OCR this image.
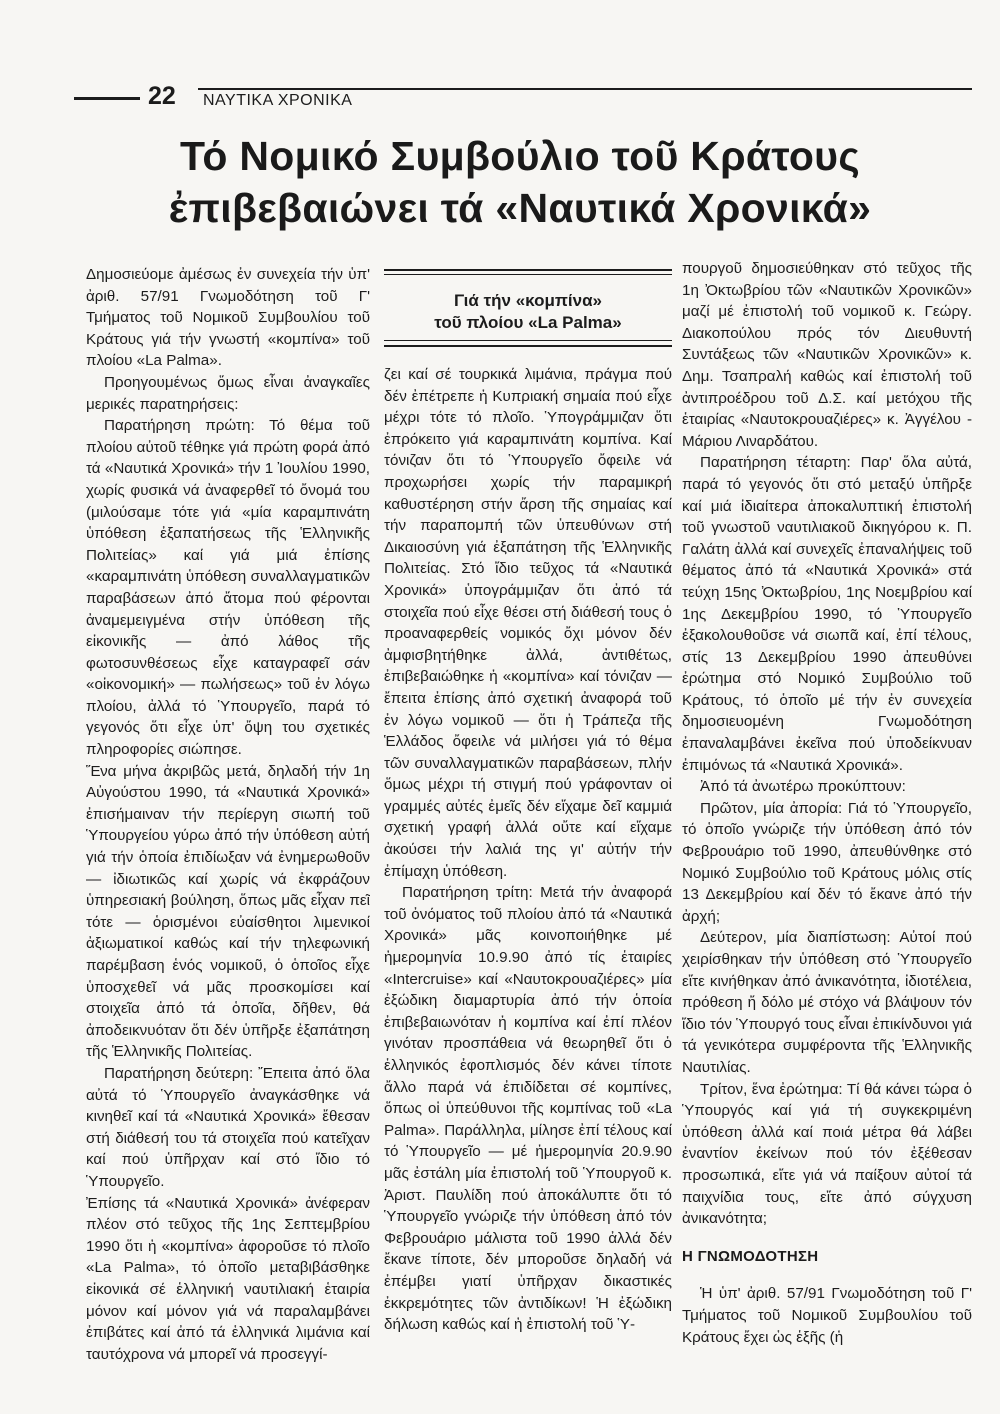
22 ΝΑΥΤΙΚΑ ΧΡΟΝΙΚΑ
Τό Νομικό Συμβούλιο τοῦ Κράτους
ἐπιβεβαιώνει τά «Ναυτικά Χρονικά»

Δημοσιεύομε ἀμέσως ἐν συνεχεία τήν ὑπ' ἀριθ. 57/91 Γνωμοδότηση τοῦ Γ' Τμήματος τοῦ Νομικοῦ Συμβουλίου τοῦ Κράτους γιά τήν γνωστή «κομπίνα» τοῦ πλοίου «La Palma».

Προηγουμένως ὅμως εἶναι ἀναγκαῖες μερικές παρατηρήσεις:

Παρατήρηση πρώτη: Τό θέμα τοῦ πλοίου αὐτοῦ τέθηκε γιά πρώτη φορά ἀπό τά «Ναυτικά Χρονικά» τήν 1 Ἰουλίου 1990, χωρίς φυσικά νά ἀναφερθεῖ τό ὄνομά του (μιλούσαμε τότε γιά «μία καραμπινάτη ὑπόθεση ἐξαπατήσεως τῆς Ἑλληνικῆς Πολιτείας» καί γιά μιά ἐπίσης «καραμπινάτη ὑπόθεση συναλλαγματικῶν παραβάσεων ἀπό ἄτομα πού φέρονται ἀναμεμειγμένα στήν ὑπόθεση τῆς εἰκονικῆς — ἀπό λάθος τῆς φωτοσυνθέσεως εἶχε καταγραφεῖ σάν «οἰκονομική» — πωλήσεως» τοῦ ἐν λόγω πλοίου, ἀλλά τό Ὑπουργεῖο, παρά τό γεγονός ὅτι εἶχε ὑπ' ὄψη του σχετικές πληροφορίες σιώπησε.

Ἕνα μήνα ἀκριβῶς μετά, δηλαδή τήν 1η Αὐγούστου 1990, τά «Ναυτικά Χρονικά» ἐπισήμαιναν τήν περίεργη σιωπή τοῦ Ὑπουργείου γύρω ἀπό τήν ὑπόθεση αὐτή γιά τήν ὁποία ἐπιδίωξαν νά ἐνημερωθοῦν — ἰδιωτικῶς καί χωρίς νά ἐκφράζουν ὑπηρεσιακή βούληση, ὅπως μᾶς εἶχαν πεῖ τότε — ὁρισμένοι εὐαίσθητοι λιμενικοί ἀξιωματικοί καθώς καί τήν τηλεφωνική παρέμβαση ἑνός νομικοῦ, ὁ ὁποῖος εἶχε ὑποσχεθεῖ νά μᾶς προσκομίσει καί στοιχεῖα ἀπό τά ὁποῖα, δῆθεν, θά ἀποδεικνυόταν ὅτι δέν ὑπῆρξε ἐξαπάτηση τῆς Ἑλληνικῆς Πολιτείας.

Παρατήρηση δεύτερη: Ἔπειτα ἀπό ὅλα αὐτά τό Ὑπουργεῖο ἀναγκάσθηκε νά κινηθεῖ καί τά «Ναυτικά Χρονικά» ἔθεσαν στή διάθεσή του τά στοιχεῖα πού κατεῖχαν καί πού ὑπῆρχαν καί στό ἴδιο τό Ὑπουργεῖο.

Ἐπίσης τά «Ναυτικά Χρονικά» ἀνέφεραν πλέον στό τεῦχος τῆς 1ης Σεπτεμβρίου 1990 ὅτι ἡ «κομπίνα» ἀφοροῦσε τό πλοῖο «La Palma», τό ὁποῖο μεταβιβάσθηκε εἰκονικά σέ ἑλληνική ναυτιλιακή ἑταιρία μόνον καί μόνον γιά νά παραλαμβάνει ἐπιβάτες καί ἀπό τά ἑλληνικά λιμάνια καί ταυτόχρονα νά μπορεῖ νά προσεγγί-

Γιά τήν «κομπίνα»
τοῦ πλοίου «La Palma»

ζει καί σέ τουρκικά λιμάνια, πράγμα πού δέν ἐπέτρεπε ἡ Κυπριακή σημαία πού εἶχε μέχρι τότε τό πλοῖο. Ὑπογράμμιζαν ὅτι ἐπρόκειτο γιά καραμπινάτη κομπίνα. Καί τόνιζαν ὅτι τό Ὑπουργεῖο ὄφειλε νά προχωρήσει χωρίς τήν παραμικρή καθυστέρηση στήν ἄρση τῆς σημαίας καί τήν παραπομπή τῶν ὑπευθύνων στή Δικαιοσύνη γιά ἐξαπάτηση τῆς Ἑλληνικῆς Πολιτείας. Στό ἴδιο τεῦχος τά «Ναυτικά Χρονικά» ὑπογράμμιζαν ὅτι ἀπό τά στοιχεῖα πού εἶχε θέσει στή διάθεσή τους ὁ προαναφερθείς νομικός ὄχι μόνον δέν ἀμφισβητήθηκε ἀλλά, ἀντιθέτως, ἐπιβεβαιώθηκε ἡ «κομπίνα» καί τόνιζαν — ἔπειτα ἐπίσης ἀπό σχετική ἀναφορά τοῦ ἐν λόγω νομικοῦ — ὅτι ἡ Τράπεζα τῆς Ἑλλάδος ὄφειλε νά μιλήσει γιά τό θέμα τῶν συναλλαγματικῶν παραβάσεων, πλήν ὅμως μέχρι τή στιγμή πού γράφονταν οἱ γραμμές αὐτές ἐμεῖς δέν εἴχαμε δεῖ καμμιά σχετική γραφή ἀλλά οὔτε καί εἴχαμε ἀκούσει τήν λαλιά της γι' αὐτήν τήν ἐπίμαχη ὑπόθεση.

Παρατήρηση τρίτη: Μετά τήν ἀναφορά τοῦ ὀνόματος τοῦ πλοίου ἀπό τά «Ναυτικά Χρονικά» μᾶς κοινοποιήθηκε μέ ἡμερομηνία 10.9.90 ἀπό τίς ἑταιρίες «Intercruise» καί «Ναυτοκρουαζιέρες» μία ἐξώδικη διαμαρτυρία ἀπό τήν ὁποία ἐπιβεβαιωνόταν ἡ κομπίνα καί ἐπί πλέον γινόταν προσπάθεια νά θεωρηθεῖ ὅτι ὁ ἑλληνικός ἐφοπλισμός δέν κάνει τίποτε ἄλλο παρά νά ἐπιδίδεται σέ κομπίνες, ὅπως οἱ ὑπεύθυνοι τῆς κομπίνας τοῦ «La Palma». Παράλληλα, μίλησε ἐπί τέλους καί τό Ὑπουργεῖο — μέ ἡμερομηνία 20.9.90 μᾶς ἐστάλη μία ἐπιστολή τοῦ Ὑπουργοῦ κ. Ἀριστ. Παυλίδη πού ἀποκάλυπτε ὅτι τό Ὑπουργεῖο γνώριζε τήν ὑπόθεση ἀπό τόν Φεβρουάριο μάλιστα τοῦ 1990 ἀλλά δέν ἔκανε τίποτε, δέν μποροῦσε δηλαδή νά ἐπέμβει γιατί ὑπῆρχαν δικαστικές ἐκκρεμότητες τῶν ἀντιδίκων! Ἡ ἐξώδικη δήλωση καθώς καί ἡ ἐπιστολή τοῦ Ὑ-

πουργοῦ δημοσιεύθηκαν στό τεῦχος τῆς 1η Ὀκτωβρίου τῶν «Ναυτικῶν Χρονικῶν» μαζί μέ ἐπιστολή τοῦ νομικοῦ κ. Γεώργ. Διακοπούλου πρός τόν Διευθυντή Συντάξεως τῶν «Ναυτικῶν Χρονικῶν» κ. Δημ. Τσαπραλή καθώς καί ἐπιστολή τοῦ ἀντιπροέδρου τοῦ Δ.Σ. καί μετόχου τῆς ἑταιρίας «Ναυτοκρουαζιέρες» κ. Ἀγγέλου - Μάριου Λιναρδάτου.

Παρατήρηση τέταρτη: Παρ' ὅλα αὐτά, παρά τό γεγονός ὅτι στό μεταξύ ὑπῆρξε καί μιά ἰδιαίτερα ἀποκαλυπτική ἐπιστολή τοῦ γνωστοῦ ναυτιλιακοῦ δικηγόρου κ. Π. Γαλάτη ἀλλά καί συνεχεῖς ἐπαναλήψεις τοῦ θέματος ἀπό τά «Ναυτικά Χρονικά» στά τεύχη 15ης Ὀκτωβρίου, 1ης Νοεμβρίου καί 1ης Δεκεμβρίου 1990, τό Ὑπουργεῖο ἐξακολουθοῦσε νά σιωπᾶ καί, ἐπί τέλους, στίς 13 Δεκεμβρίου 1990 ἀπευθύνει ἐρώτημα στό Νομικό Συμβούλιο τοῦ Κράτους, τό ὁποῖο μέ τήν ἐν συνεχεία δημοσιευομένη Γνωμοδότηση ἐπαναλαμβάνει ἐκεῖνα πού ὑποδείκνυαν ἐπιμόνως τά «Ναυτικά Χρονικά».

Ἀπό τά ἀνωτέρω προκύπτουν:

Πρῶτον, μία ἀπορία: Γιά τό Ὑπουργεῖο, τό ὁποῖο γνώριζε τήν ὑπόθεση ἀπό τόν Φεβρουάριο τοῦ 1990, ἀπευθύνθηκε στό Νομικό Συμβούλιο τοῦ Κράτους μόλις στίς 13 Δεκεμβρίου καί δέν τό ἔκανε ἀπό τήν ἀρχή;

Δεύτερον, μία διαπίστωση: Αὐτοί πού χειρίσθηκαν τήν ὑπόθεση στό Ὑπουργεῖο εἴτε κινήθηκαν ἀπό ἀνικανότητα, ἰδιοτέλεια, πρόθεση ἤ δόλο μέ στόχο νά βλάψουν τόν ἴδιο τόν Ὑπουργό τους εἶναι ἐπικίνδυνοι γιά τά γενικότερα συμφέροντα τῆς Ἑλληνικῆς Ναυτιλίας.

Τρίτον, ἕνα ἐρώτημα: Τί θά κάνει τώρα ὁ Ὑπουργός καί γιά τή συγκεκριμένη ὑπόθεση ἀλλά καί ποιά μέτρα θά λάβει ἐναντίον ἐκείνων πού τόν ἐξέθεσαν προσωπικά, εἴτε γιά νά παίξουν αὐτοί τά παιχνίδια τους, εἴτε ἀπό σύγχυση ἀνικανότητα;

Η ΓΝΩΜΟΔΟΤΗΣΗ

Ἡ ὑπ' ἀριθ. 57/91 Γνωμοδότηση τοῦ Γ' Τμήματος τοῦ Νομικοῦ Συμβουλίου τοῦ Κράτους ἔχει ὡς ἑξῆς (ἡ
